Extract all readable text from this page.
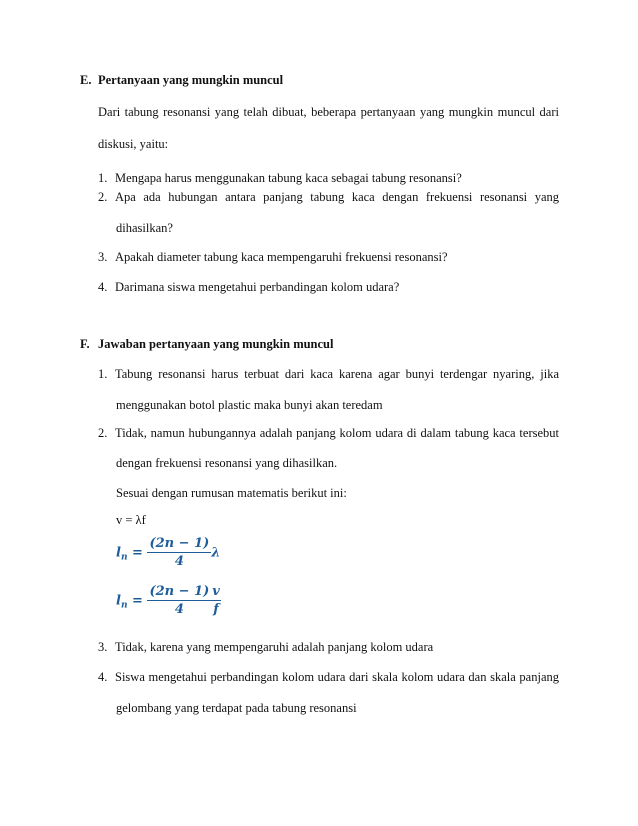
E. Pertanyaan yang mungkin muncul
Dari tabung resonansi yang telah dibuat, beberapa pertanyaan yang mungkin muncul dari
diskusi, yaitu:
1. Mengapa harus menggunakan tabung kaca sebagai tabung resonansi?
2. Apa ada hubungan antara panjang tabung kaca dengan frekuensi resonansi yang
dihasilkan?
3. Apakah diameter tabung kaca mempengaruhi frekuensi resonansi?
4. Darimana siswa mengetahui perbandingan kolom udara?
F. Jawaban pertanyaan yang mungkin muncul
1. Tabung resonansi harus terbuat dari kaca karena agar bunyi terdengar nyaring, jika
menggunakan botol plastic maka bunyi akan teredam
2. Tidak, namun hubungannya adalah panjang kolom udara di dalam tabung kaca tersebut
dengan frekuensi resonansi yang dihasilkan.
Sesuai dengan rumusan matematis berikut ini:
v = λf
$l_n = \frac{(2n - 1)}{4}$ λ
$l_n = \frac{(2n - 1)}{4} \frac{v}{f}$
3. Tidak, karena yang mempengaruhi adalah panjang kolom udara
4. Siswa mengetahui perbandingan kolom udara dari skala kolom udara dan skala panjang
gelombang yang terdapat pada tabung resonansi
